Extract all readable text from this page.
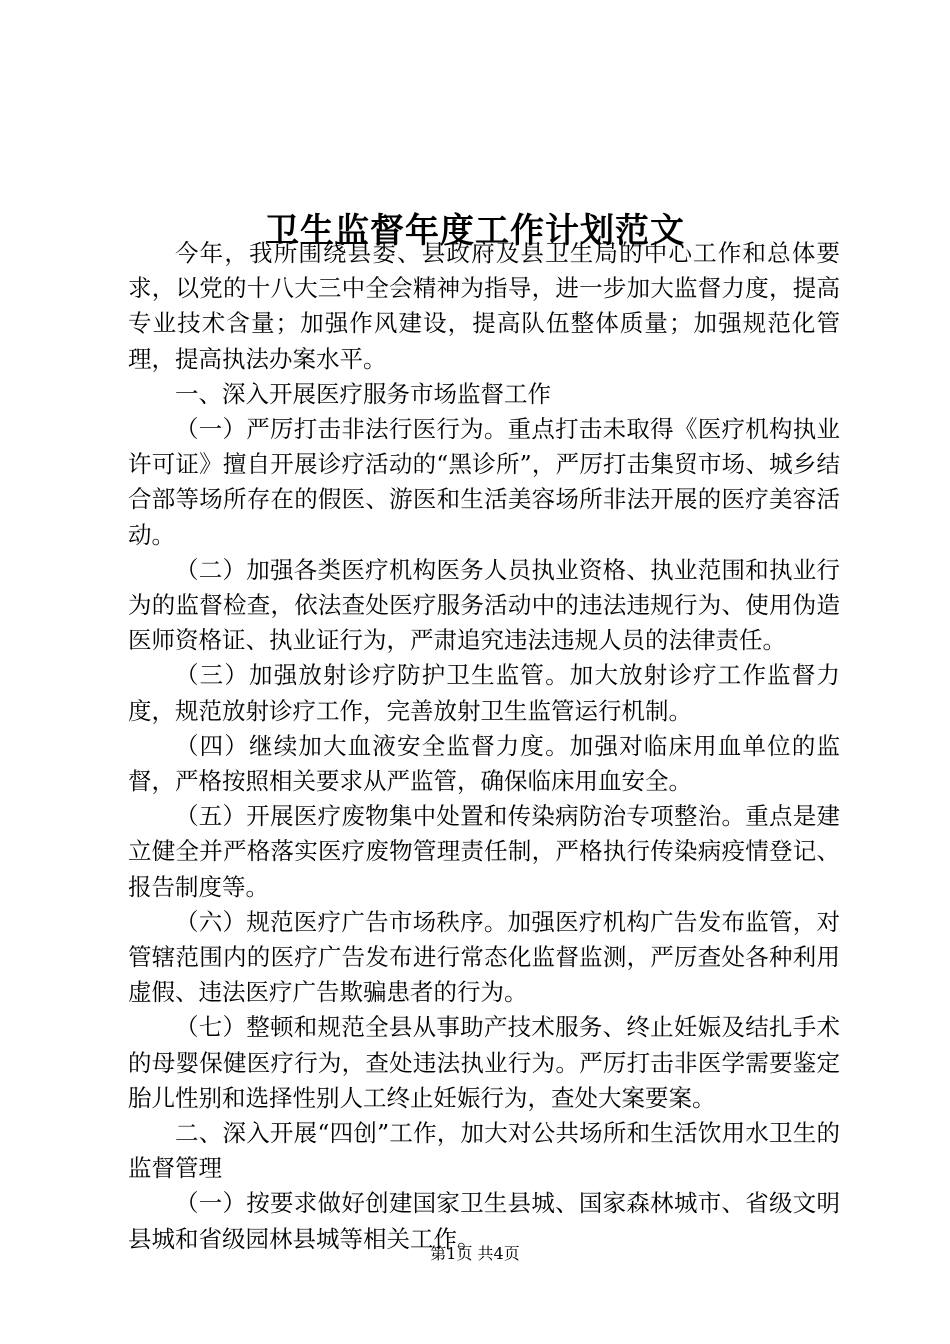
卫生监督年度工作计划范文

今年，我所围绕县委、县政府及县卫生局的中心工作和总体要求，以党的十八大三中全会精神为指导，进一步加大监督力度，提高专业技术含量；加强作风建设，提高队伍整体质量；加强规范化管理，提高执法办案水平。

一、深入开展医疗服务市场监督工作

（一）严厉打击非法行医行为。重点打击未取得《医疗机构执业许可证》擅自开展诊疗活动的“黑诊所”，严厉打击集贸市场、城乡结合部等场所存在的假医、游医和生活美容场所非法开展的医疗美容活动。

（二）加强各类医疗机构医务人员执业资格、执业范围和执业行为的监督检查，依法查处医疗服务活动中的违法违规行为、使用伪造医师资格证、执业证行为，严肃追究违法违规人员的法律责任。

（三）加强放射诊疗防护卫生监管。加大放射诊疗工作监督力度，规范放射诊疗工作，完善放射卫生监管运行机制。

（四）继续加大血液安全监督力度。加强对临床用血单位的监督，严格按照相关要求从严监管，确保临床用血安全。

（五）开展医疗废物集中处置和传染病防治专项整治。重点是建立健全并严格落实医疗废物管理责任制，严格执行传染病疫情登记、报告制度等。

（六）规范医疗广告市场秩序。加强医疗机构广告发布监管，对管辖范围内的医疗广告发布进行常态化监督监测，严厉查处各种利用虚假、违法医疗广告欺骗患者的行为。

（七）整顿和规范全县从事助产技术服务、终止妊娠及结扎手术的母婴保健医疗行为，查处违法执业行为。严厉打击非医学需要鉴定胎儿性别和选择性别人工终止妊娠行为，查处大案要案。

二、深入开展“四创”工作，加大对公共场所和生活饮用水卫生的监督管理

（一）按要求做好创建国家卫生县城、国家森林城市、省级文明县城和省级园林县城等相关工作。

第1页 共4页
